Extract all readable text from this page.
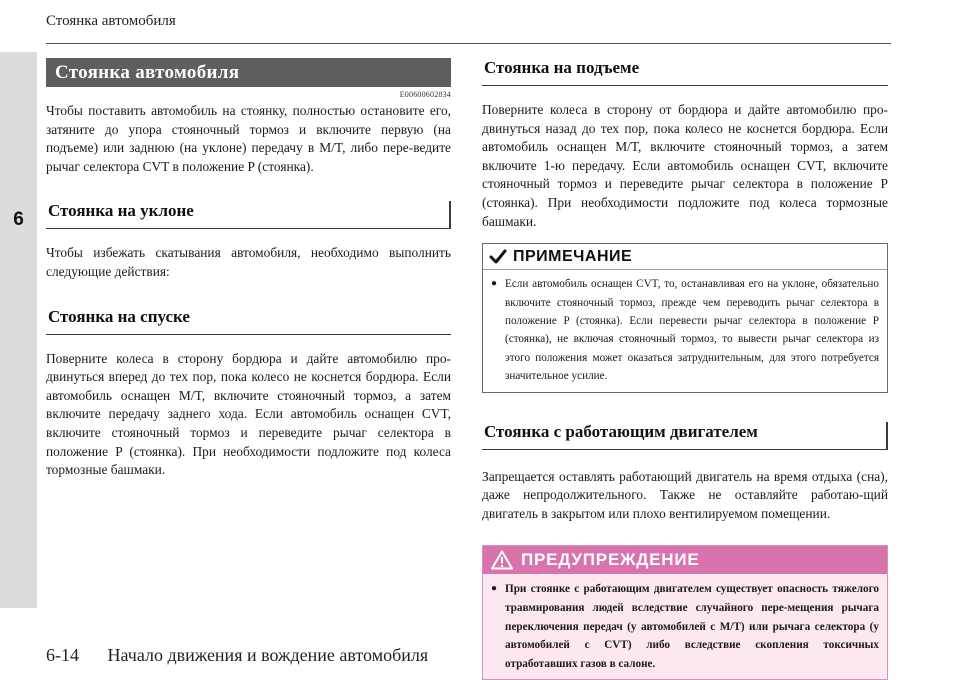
Стоянка автомобиля
6
Стоянка автомобиля
E00600602834

Чтобы поставить автомобиль на стоянку, полностью остановите его, затяните до упора стояночный тормоз и включите первую (на подъеме) или заднюю (на уклоне) передачу в M/T, либо пере-ведите рычаг селектора CVT в положение P (стоянка).

Стоянка на уклоне

Чтобы избежать скатывания автомобиля, необходимо выполнить следующие действия:

Стоянка на спуске

Поверните колеса в сторону бордюра и дайте автомобилю про-двинуться вперед до тех пор, пока колесо не коснется бордюра. Если автомобиль оснащен M/T, включите стояночный тормоз, а затем включите передачу заднего хода. Если автомобиль оснащен CVT, включите стояночный тормоз и переведите рычаг селектора в положение P (стоянка). При необходимости подложите под колеса тормозные башмаки.

Стоянка на подъеме

Поверните колеса в сторону от бордюра и дайте автомобилю про-двинуться назад до тех пор, пока колесо не коснется бордюра. Если автомобиль оснащен M/T, включите стояночный тормоз, а затем включите 1-ю передачу. Если автомобиль оснащен CVT, включите стояночный тормоз и переведите рычаг селектора в положение P (стоянка). При необходимости подложите под колеса тормозные башмаки.

ПРИМЕЧАНИЕ
● Если автомобиль оснащен CVT, то, останавливая его на уклоне, обязательно включите стояночный тормоз, прежде чем переводить рычаг селектора в положение P (стоянка). Если перевести рычаг селектора в положение P (стоянка), не включая стояночный тормоз, то вывести рычаг селектора из этого положения может оказаться затруднительным, для этого потребуется значительное усилие.
Стоянка с работающим двигателем

Запрещается оставлять работающий двигатель на время отдыха (сна), даже непродолжительного. Также не оставляйте работаю-щий двигатель в закрытом или плохо вентилируемом помещении.

ПРЕДУПРЕЖДЕНИЕ
● При стоянке с работающим двигателем существует опасность тяжелого травмирования людей вследствие случайного пере-мещения рычага переключения передач (у автомобилей с M/T) или рычага селектора (у автомобилей с CVT) либо вследствие скопления токсичных отработавших газов в салоне.
6-14 Начало движения и вождение автомобиля
